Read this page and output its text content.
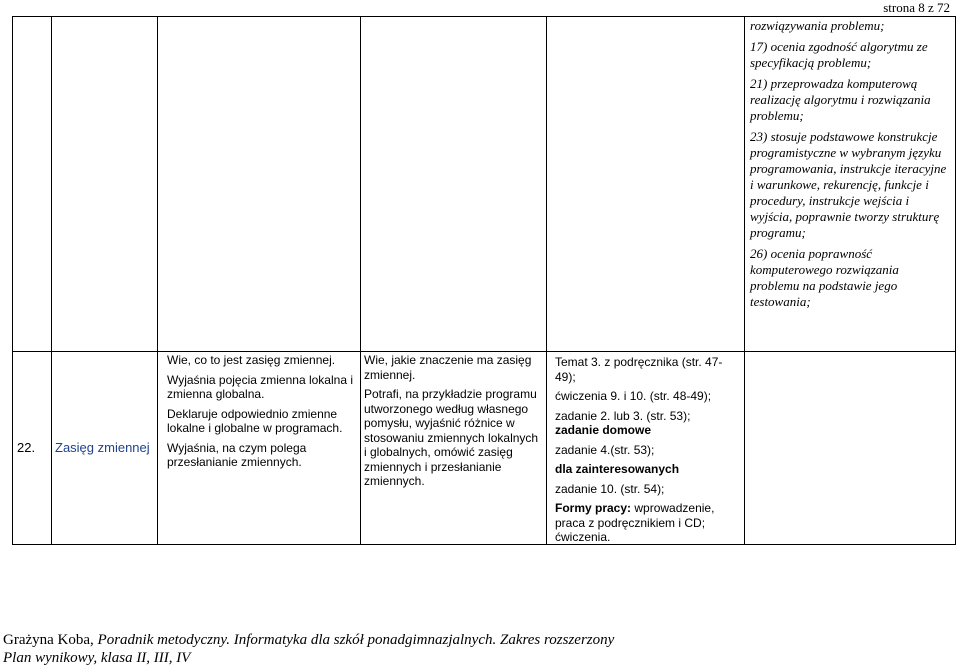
strona 8 z 72

rozwiązywania problemu;

17) ocenia zgodność algorytmu ze specyfikacją problemu;

21) przeprowadza komputerową realizację algorytmu i rozwiązania problemu;

23) stosuje podstawowe konstrukcje programistyczne w wybranym języku programowania, instrukcje iteracyjne i warunkowe, rekurencję, funkcje i procedury, instrukcje wejścia i wyjścia, poprawnie tworzy strukturę programu;

26) ocenia poprawność komputerowego rozwiązania problemu na podstawie jego testowania;

22. Zasięg zmiennej

Wie, co to jest zasięg zmiennej.

Wyjaśnia pojęcia zmienna lokalna i zmienna globalna.

Deklaruje odpowiednio zmienne lokalne i globalne w programach.

Wyjaśnia, na czym polega przesłanianie zmiennych.

Wie, jakie znaczenie ma zasięg zmiennej.

Potrafi, na przykładzie programu utworzonego według własnego pomysłu, wyjaśnić różnice w stosowaniu zmiennych lokalnych i globalnych, omówić zasięg zmiennych i przesłanianie zmiennych.

Temat 3. z podręcznika (str. 47-49);

ćwiczenia 9. i 10. (str. 48-49);

zadanie 2. lub 3. (str. 53);

zadanie domowe

zadanie 4.(str. 53);

dla zainteresowanych

zadanie 10. (str. 54);

Formy pracy: wprowadzenie, praca z podręcznikiem i CD; ćwiczenia.

Grażyna Koba, Poradnik metodyczny. Informatyka dla szkół ponadgimnazjalnych. Zakres rozszerzony
Plan wynikowy, klasa II, III, IV
